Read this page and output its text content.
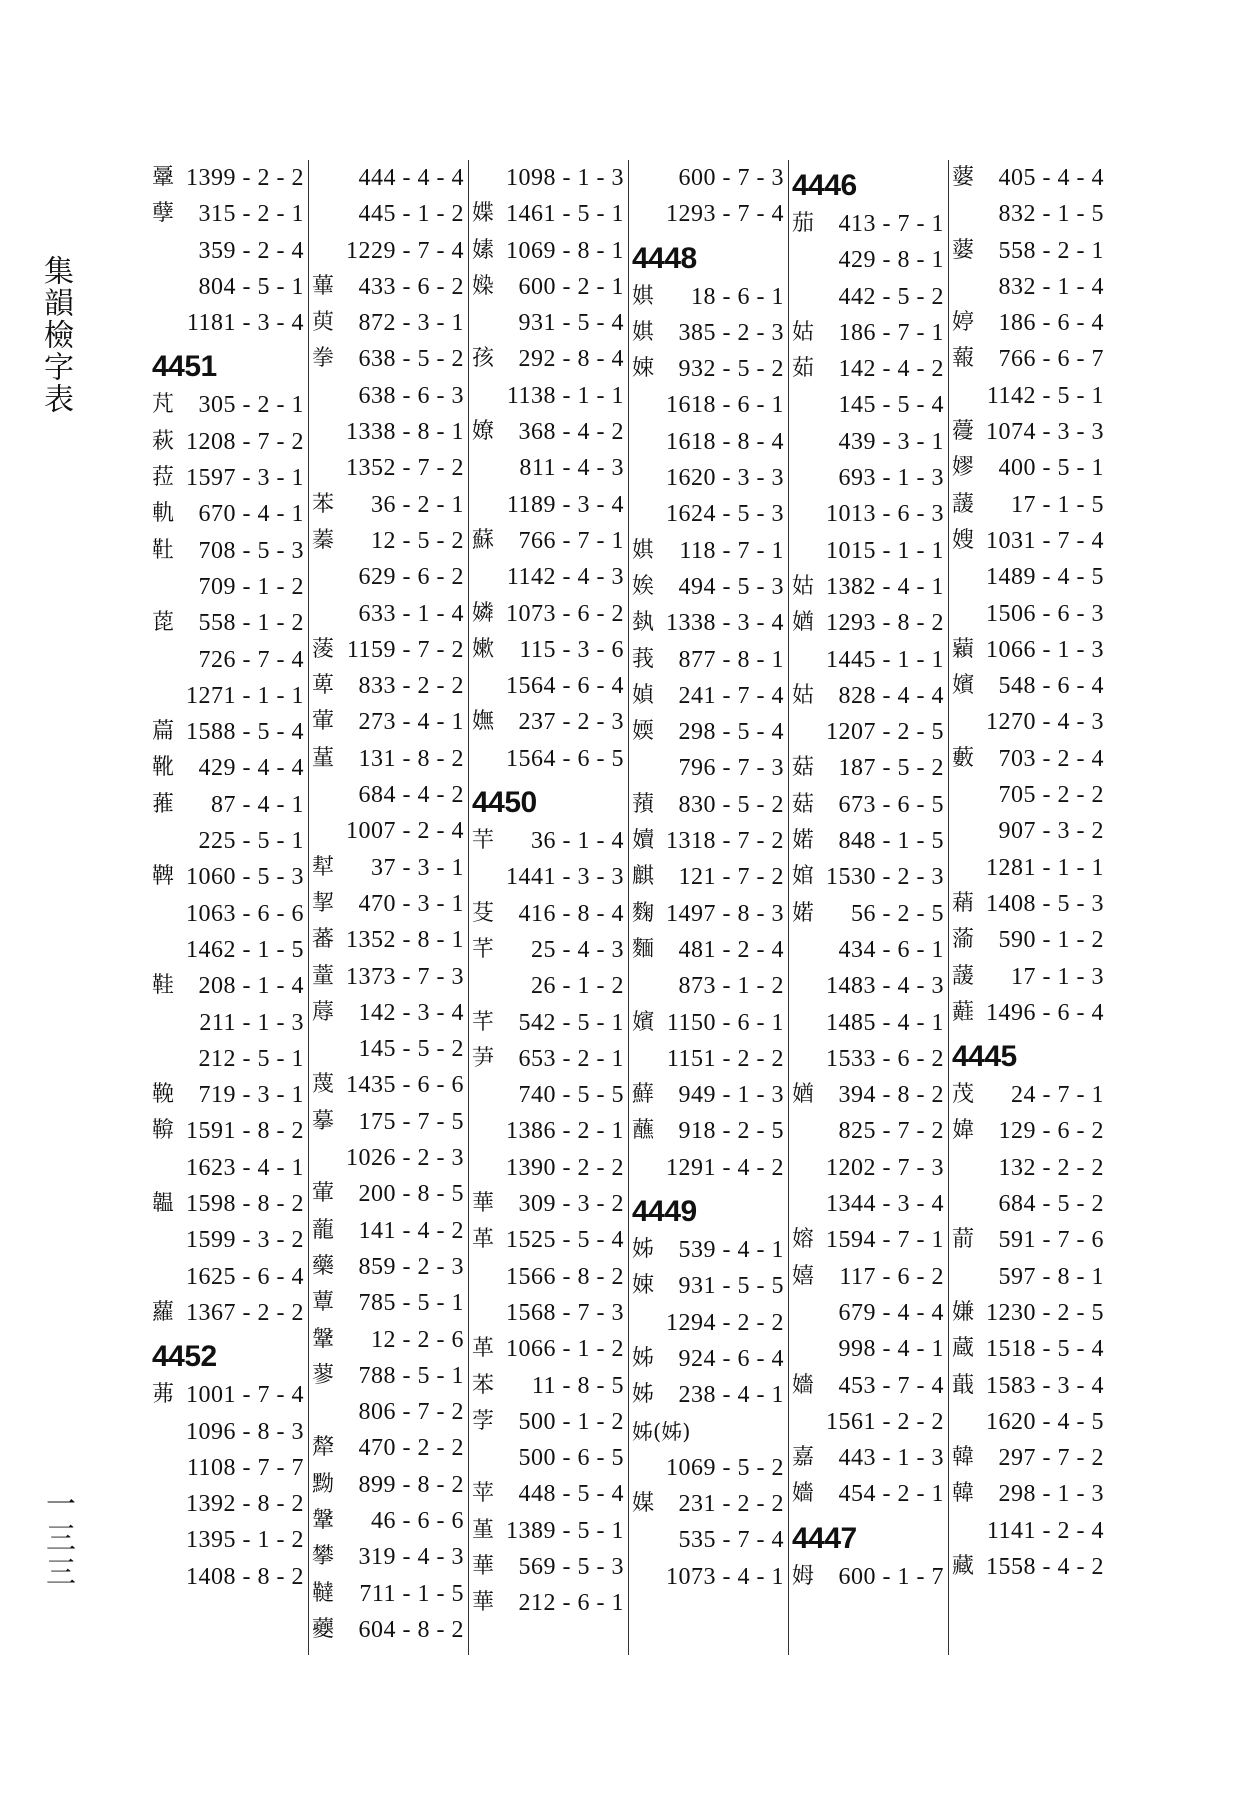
集韻檢字表
一三三
鞷 1399 - 2 - 2
孽 315 - 2 - 1
359 - 2 - 4
804 - 5 - 1
1181 - 3 - 4
4451
芃 305 - 2 - 1
萩 1208 - 7 - 2
菈 1597 - 3 - 1
軌 670 - 4 - 1
靯 708 - 5 - 3
709 - 1 - 2
萞 558 - 1 - 2
726 - 7 - 4
1271 - 1 - 1
萹 1588 - 5 - 4
靴 429 - 4 - 4
蓷 87 - 4 - 1
225 - 5 - 1
鞞 1060 - 5 - 3
1063 - 6 - 6
1462 - 1 - 5
鞋 208 - 1 - 4
211 - 1 - 3
212 - 5 - 1
鞔 719 - 3 - 1
鞥 1591 - 8 - 2
1623 - 4 - 1
韞 1598 - 8 - 2
1599 - 3 - 2
1625 - 6 - 4
蘿 1367 - 2 - 2
4452
茀 1001 - 7 - 4
1096 - 8 - 3
1108 - 7 - 7
1392 - 8 - 2
1395 - 1 - 2
1408 - 8 - 2
444 - 4 - 4
445 - 1 - 2
1229 - 7 - 4
蓽 433 - 6 - 2
萸 872 - 3 - 1
拳 638 - 5 - 2
638 - 6 - 3
1338 - 8 - 1
1352 - 7 - 2
苯 36 - 2 - 1
蓁 12 - 5 - 2
629 - 6 - 2
633 - 1 - 4
蔆 1159 - 7 - 2
萆 833 - 2 - 2
葷 273 - 4 - 1
蓳 131 - 8 - 2
684 - 4 - 2
1007 - 2 - 4
犎 37 - 3 - 1
挈 470 - 3 - 1
蕃 1352 - 8 - 1
蕫 1373 - 7 - 3
蓐 142 - 3 - 4
145 - 5 - 2
蔑 1435 - 6 - 6
摹 175 - 7 - 5
1026 - 2 - 3
葷 200 - 8 - 5
蘢 141 - 4 - 2
藥 859 - 2 - 3
蕈 785 - 5 - 1
鞶 12 - 2 - 6
蓼 788 - 5 - 1
806 - 7 - 2
犛 470 - 2 - 2
黝 899 - 8 - 2
鞶 46 - 6 - 6
攀 319 - 4 - 3
韃 711 - 1 - 5
蘷 604 - 8 - 2
1098 - 1 - 3
媟 1461 - 5 - 1
嫊 1069 - 8 - 1
媣 600 - 2 - 1
931 - 5 - 4
孩 292 - 8 - 4
1138 - 1 - 1
嫽 368 - 4 - 2
811 - 4 - 3
1189 - 3 - 4
蘇 766 - 7 - 1
1142 - 4 - 3
嫾 1073 - 6 - 2
嫰 115 - 3 - 6
1564 - 6 - 4
嫵 237 - 2 - 3
1564 - 6 - 5
4450
芉 36 - 1 - 4
1441 - 3 - 3
芟 416 - 8 - 4
芊 25 - 4 - 3
26 - 1 - 2
芊 542 - 5 - 1
芛 653 - 2 - 1
740 - 5 - 5
1386 - 2 - 1
1390 - 2 - 2
華 309 - 3 - 2
革 1525 - 5 - 4
1566 - 8 - 2
1568 - 7 - 3
革 1066 - 1 - 2
苯 11 - 8 - 5
茡 500 - 1 - 2
500 - 6 - 5
苹 448 - 5 - 4
堇 1389 - 5 - 1
華 569 - 5 - 3
華 212 - 6 - 1
600 - 7 - 3
1293 - 7 - 4
4448
娸 18 - 6 - 1
娸 385 - 2 - 3
娕 932 - 5 - 2
1618 - 6 - 1
1618 - 8 - 4
1620 - 3 - 3
1624 - 5 - 3
娸 118 - 7 - 1
娭 494 - 5 - 3
埶 1338 - 3 - 4
莪 877 - 8 - 1
媜 241 - 7 - 4
媆 298 - 5 - 4
796 - 7 - 3
蕷 830 - 5 - 2
嬻 1318 - 7 - 2
麒 121 - 7 - 2
麴 1497 - 8 - 3
麵 481 - 2 - 4
873 - 1 - 2
嬪 1150 - 6 - 1
1151 - 2 - 2
蘚 949 - 1 - 3
蘸 918 - 2 - 5
1291 - 4 - 2
4449
姊 539 - 4 - 1
娕 931 - 5 - 5
1294 - 2 - 2
姊 924 - 6 - 4
姊 238 - 4 - 1
姊(姊)
1069 - 5 - 2
媒 231 - 2 - 2
535 - 7 - 4
1073 - 4 - 1
4446
茄 413 - 7 - 1
429 - 8 - 1
442 - 5 - 2
姑 186 - 7 - 1
茹 142 - 4 - 2
145 - 5 - 4
439 - 3 - 1
693 - 1 - 3
1013 - 6 - 3
1015 - 1 - 1
姑 1382 - 4 - 1
媨 1293 - 8 - 2
1445 - 1 - 1
姑 828 - 4 - 4
1207 - 2 - 5
菇 187 - 5 - 2
菇 673 - 6 - 5
婼 848 - 1 - 5
婠 1530 - 2 - 3
婼 56 - 2 - 5
434 - 6 - 1
1483 - 4 - 3
1485 - 4 - 1
1533 - 6 - 2
媨 394 - 8 - 2
825 - 7 - 2
1202 - 7 - 3
1344 - 3 - 4
嫆 1594 - 7 - 1
嬉 117 - 6 - 2
679 - 4 - 4
998 - 4 - 1
嬙 453 - 7 - 4
1561 - 2 - 2
嘉 443 - 1 - 3
嬙 454 - 2 - 1
4447
姆 600 - 1 - 7
蔢 405 - 4 - 4
832 - 1 - 5
蔢 558 - 2 - 1
832 - 1 - 4
婷 186 - 6 - 4
蕔 766 - 6 - 7
1142 - 5 - 1
蘉 1074 - 3 - 3
嫪 400 - 5 - 1
蘐 17 - 1 - 5
嫂 1031 - 7 - 4
1489 - 4 - 5
1506 - 6 - 3
蘔 1066 - 1 - 3
嬪 548 - 6 - 4
1270 - 4 - 3
藪 703 - 2 - 4
705 - 2 - 2
907 - 3 - 2
1281 - 1 - 1
蕱 1408 - 5 - 3
蕍 590 - 1 - 2
蘐 17 - 1 - 3
蘳 1496 - 6 - 4
4445
茂 24 - 7 - 1
媁 129 - 6 - 2
132 - 2 - 2
684 - 5 - 2
葥 591 - 7 - 6
597 - 8 - 1
嫌 1230 - 2 - 5
蔵 1518 - 5 - 4
蕺 1583 - 3 - 4
1620 - 4 - 5
韓 297 - 7 - 2
韓 298 - 1 - 3
1141 - 2 - 4
藏 1558 - 4 - 2
